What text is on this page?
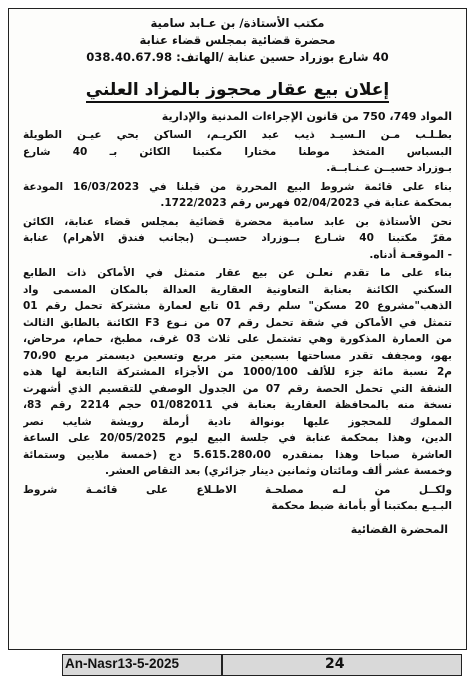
مكتب الأستاذة/ بن عـابد سامية
محضرة قضائية بمجلس قضاء عنابة
40 شارع بوزراد حسين عنابة /الهاتف: 038.40.67.98
إعلان بيع عقار محجوز بالمزاد العلني
المواد 749، 750 من قانون الإجراءات المدنية والإدارية
بطـلـب مـن الـسيـد ذيب عبد الكريـم، الساكن بحي عيـن الطويلة
البسباس المتخذ موطنا مختارا مكتبنا الكائن بـ 40 شارع
بـوزراد حسيــن عـنـابــة.
بناء على قائمة شروط البيع المحررة من قبلنا في 16/03/2023 المودعة
بمحكمة عنابة في 02/04/2023 فهرس رقم 1722/2023.
نحن الأستاذة بن عابد سامية محضرة قضائية بمجلس قضاء عنابة، الكائن
مقرّ مكتبنا 40 شـارع بــوزراد حسيــن (بجانب فندق الأهرام) عنابة
- الموقعـة أدناه.
بناء على ما تقدم نعلـن عن بيع عقار متمثل في الأماكن ذات الطابع
السكني الكائنة بعنابة التعاونية العقارية العدالة بالمكان المسمى واد
الذهب"مشروع 20 مسكن" سلم رقم 01 تابع لعمارة مشتركة تحمل رقم 01
تتمثل في الأماكن في شقة تحمل رقم 07 من نـوع F3 الكائنة بالطابق الثالث
من العمارة المذكورة وهي تشتمل على ثلاث 03 غرف، مطبخ، حمام، مرحاض،
بهو، ومجفف تقدر مساحتها بسبعين متر مربع وتسعين ديسمتر مربع 70،90
م2 نسبة مائة جزء للألف 1000/100 من الأجزاء المشتركة التابعة لها هذه
الشقة التي تحمل الحصة رقم 07 من الجدول الوصفي للتقسيم الذي أشهرت
نسخة منه بالمحافظة العقارية بعنابة في 01/082011 حجم 2214 رقم 83،
المملوك للمحجوز عليها بونوالة نادية أرملة رويشة شايب نصر
الدين، وهذا بمحكمة عنابة في جلسة البيع ليوم 20/05/2025 على الساعة
العاشرة صباحا وهذا بمنقدره 5.615.280،00 دج (خمسة ملايين وستمائة
وخمسة عشر ألف ومائتان وثمانين دينار جزائري) بعد التقاص العشر.
ولكــل من لـه مصلحـة الاطـلاع على قائمـة شروط
البـيـع بمكتبنا أو بأمانة ضبط محكمة
المحضرة القضائية
An-Nasr13-5-2025	24
